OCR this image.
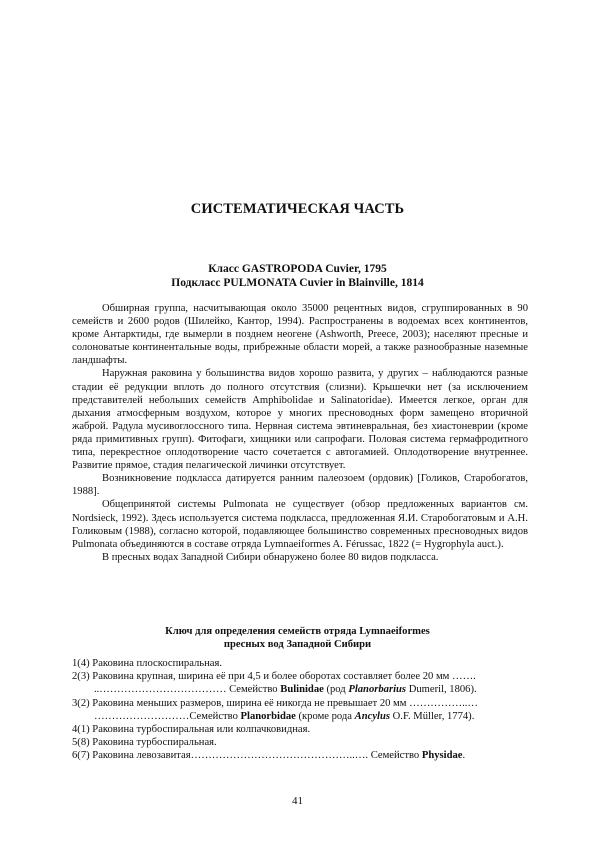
СИСТЕМАТИЧЕСКАЯ ЧАСТЬ
Класс GASTROPODA Cuvier, 1795
Подкласс PULMONATA Cuvier in Blainville, 1814

Обширная группа, насчитывающая около 35000 рецентных видов, сгруппированных в 90 семейств и 2600 родов (Шилейко, Кантор, 1994). Распространены в водоемах всех континентов, кроме Антарктиды, где вымерли в позднем неогене (Ashworth, Preece, 2003); населяют пресные и солоноватые континентальные воды, прибрежные области морей, а также разнообразные наземные ландшафты.

Наружная раковина у большинства видов хорошо развита, у других – наблюдаются разные стадии её редукции вплоть до полного отсутствия (слизни). Крышечки нет (за исключением представителей небольших семейств Amphibolidae и Salinatoridae). Имеется легкое, орган для дыхания атмосферным воздухом, которое у многих пресноводных форм замещено вторичной жаброй. Радула мусивоглоссного типа. Нервная система эвтиневральная, без хиастоневрии (кроме ряда примитивных групп). Фитофаги, хищники или сапрофаги. Половая система гермафродитного типа, перекрестное оплодотворение часто сочетается с автогамией. Оплодотворение внутреннее. Развитие прямое, стадия пелагической личинки отсутствует.

Возникновение подкласса датируется ранним палеозоем (ордовик) [Голиков, Старобогатов, 1988].

Общепринятой системы Pulmonata не существует (обзор предложенных вариантов см. Nordsieck, 1992). Здесь используется система подкласса, предложенная Я.И. Старобогатовым и А.Н. Голиковым (1988), согласно которой, подавляющее большинство современных пресноводных видов Pulmonata объединяются в составе отряда Lymnaeiformes A. Férussac, 1822 (= Hygrophyla auct.).

В пресных водах Западной Сибири обнаружено более 80 видов подкласса.

Ключ для определения семейств отряда Lymnaeiformes
пресных вод Западной Сибири
1(4) Раковина плоскоспиральная.
2(3) Раковина крупная, ширина её при 4,5 и более оборотах составляет более 20 мм …….
..……………………………… Семейство Bulinidae (род Planorbarius Dumeril, 1806).
3(2) Раковина меньших размеров, ширина её никогда не превышает 20 мм ……………..…
………………………Семейство Planorbidae (кроме рода Ancylus O.F. Müller, 1774).
4(1) Раковина турбоспиральная или колпачковидная.
5(8) Раковина турбоспиральная.
6(7) Раковина левозавитая………………………………………..…. Семейство Physidae.
41
